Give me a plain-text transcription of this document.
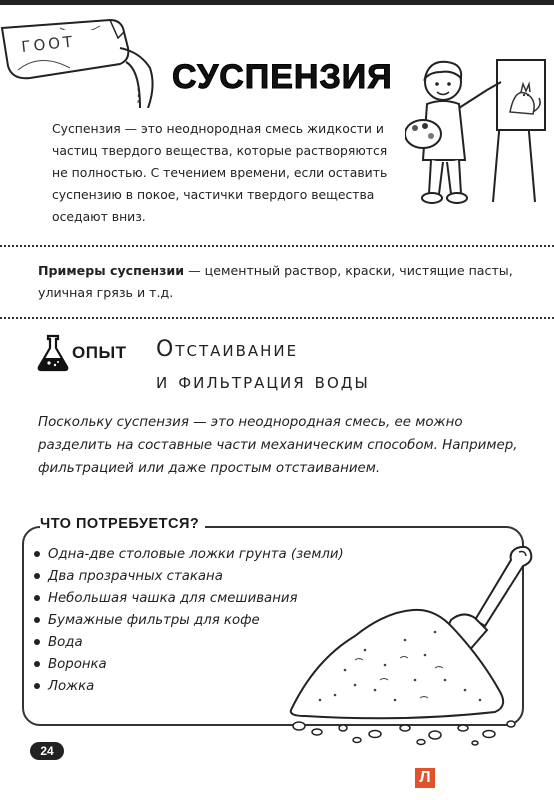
ГООТ
СУСПЕНЗИЯ
Суспензия — это неоднородная смесь жидкости и частиц твердого вещества, которые растворяются не полностью. С течением времени, если оставить суспензию в покое, частички твердого вещества оседают вниз.
Примеры суспензии — цементный раствор, краски, чистящие пасты, уличная грязь и т.д.
ОПЫТ Отстаивание
и фильтрация воды
Поскольку суспензия — это неоднородная смесь, ее можно разделить на составные части механическим способом. Например, фильтрацией или даже простым отстаиванием.
ЧТО ПОТРЕБУЕТСЯ?
Одна-две столовые ложки грунта (земли)
Два прозрачных стакана
Небольшая чашка для смешивания
Бумажные фильтры для кофе
Вода
Воронка
Ложка
24
Л
